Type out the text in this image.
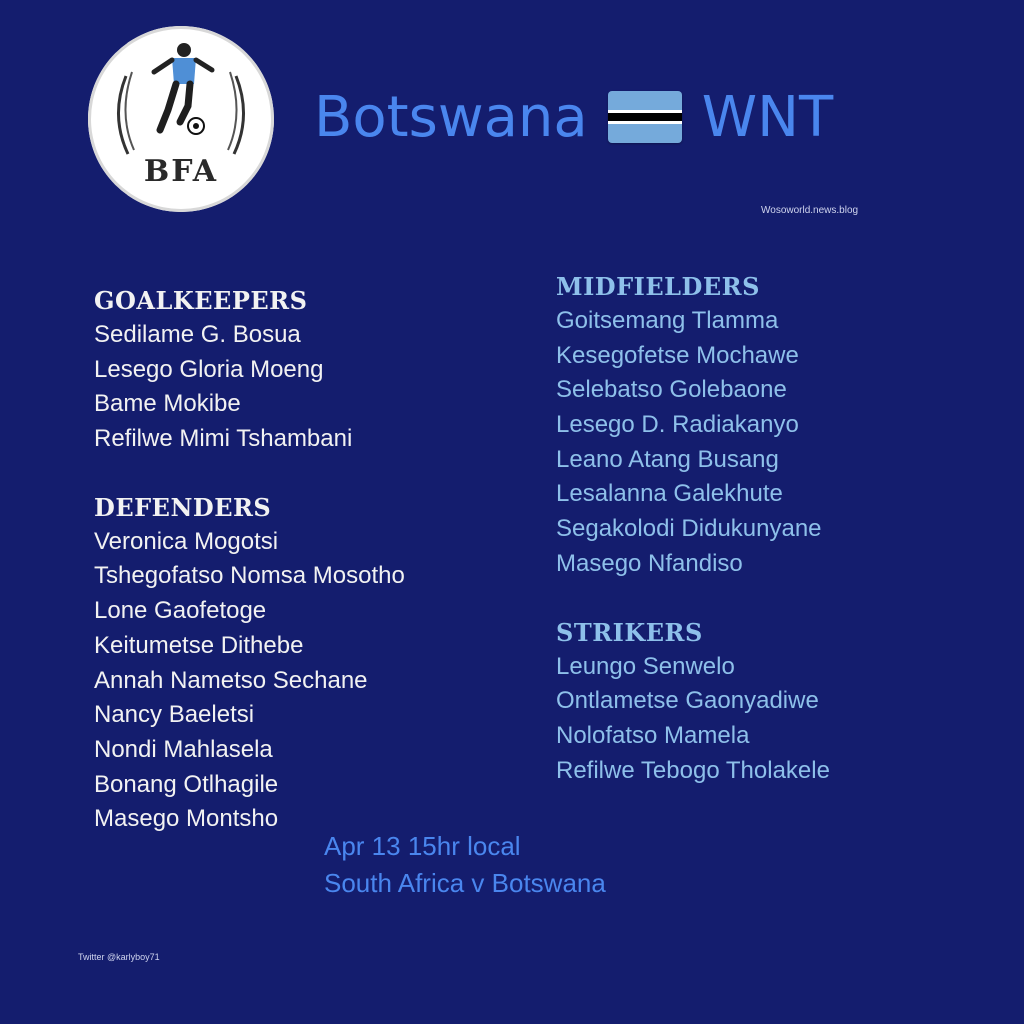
BFA
Botswana WNT
Wosoworld.news.blog
GOALKEEPERS
Sedilame G. Bosua
Lesego Gloria Moeng
Bame Mokibe
Refilwe Mimi Tshambani
DEFENDERS
Veronica Mogotsi
Tshegofatso Nomsa Mosotho
Lone Gaofetoge
Keitumetse Dithebe
Annah Nametso Sechane
Nancy Baeletsi
Nondi Mahlasela
Bonang Otlhagile
Masego Montsho
MIDFIELDERS
Goitsemang Tlamma
Kesegofetse Mochawe
Selebatso Golebaone
Lesego D. Radiakanyo
Leano Atang Busang
Lesalanna Galekhute
Segakolodi Didukunyane
Masego Nfandiso
STRIKERS
Leungo Senwelo
Ontlametse Gaonyadiwe
Nolofatso Mamela
Refilwe Tebogo Tholakele
Apr 13 15hr local
South Africa v Botswana
Twitter @karlyboy71
